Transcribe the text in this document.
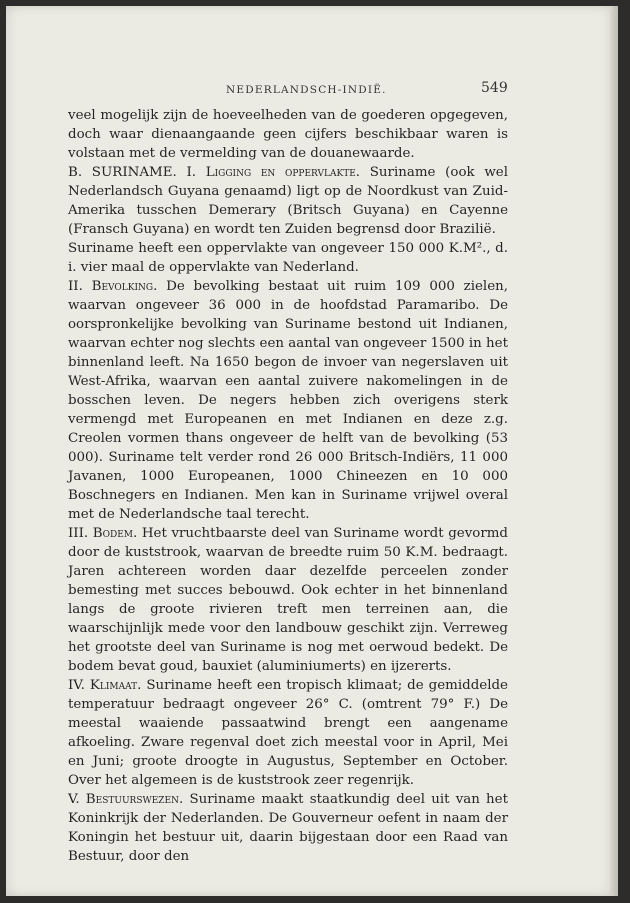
NEDERLANDSCH-INDIË.	549

veel mogelijk zijn de hoeveelheden van de goederen opgegeven, doch waar dienaangaande geen cijfers beschikbaar waren is volstaan met de vermelding van de douanewaarde.

B. SURINAME. I. Ligging en oppervlakte. Suriname (ook wel Nederlandsch Guyana genaamd) ligt op de Noordkust van Zuid-Amerika tusschen Demerary (Britsch Guyana) en Cayenne (Fransch Guyana) en wordt ten Zuiden begrensd door Brazilië.

Suriname heeft een oppervlakte van ongeveer 150 000 K.M²., d. i. vier maal de oppervlakte van Nederland.

II. Bevolking. De bevolking bestaat uit ruim 109 000 zielen, waarvan ongeveer 36 000 in de hoofdstad Paramaribo. De oorspronkelijke bevolking van Suriname bestond uit Indianen, waarvan echter nog slechts een aantal van ongeveer 1500 in het binnenland leeft. Na 1650 begon de invoer van negerslaven uit West-Afrika, waarvan een aantal zuivere nakomelingen in de bosschen leven. De negers hebben zich overigens sterk vermengd met Europeanen en met Indianen en deze z.g. Creolen vormen thans ongeveer de helft van de bevolking (53 000). Suriname telt verder rond 26 000 Britsch-Indiërs, 11 000 Javanen, 1000 Europeanen, 1000 Chineezen en 10 000 Boschnegers en Indianen. Men kan in Suriname vrijwel overal met de Nederlandsche taal terecht.

III. Bodem. Het vruchtbaarste deel van Suriname wordt gevormd door de kuststrook, waarvan de breedte ruim 50 K.M. bedraagt. Jaren achtereen worden daar dezelfde perceelen zonder bemesting met succes bebouwd. Ook echter in het binnenland langs de groote rivieren treft men terreinen aan, die waarschijnlijk mede voor den landbouw geschikt zijn. Verreweg het grootste deel van Suriname is nog met oerwoud bedekt. De bodem bevat goud, bauxiet (aluminiumerts) en ijzererts.

IV. Klimaat. Suriname heeft een tropisch klimaat; de gemiddelde temperatuur bedraagt ongeveer 26° C. (omtrent 79° F.) De meestal waaiende passaatwind brengt een aangename afkoeling. Zware regenval doet zich meestal voor in April, Mei en Juni; groote droogte in Augustus, September en October. Over het algemeen is de kuststrook zeer regenrijk.

V. Bestuurswezen. Suriname maakt staatkundig deel uit van het Koninkrijk der Nederlanden. De Gouverneur oefent in naam der Koningin het bestuur uit, daarin bijgestaan door een Raad van Bestuur, door den
